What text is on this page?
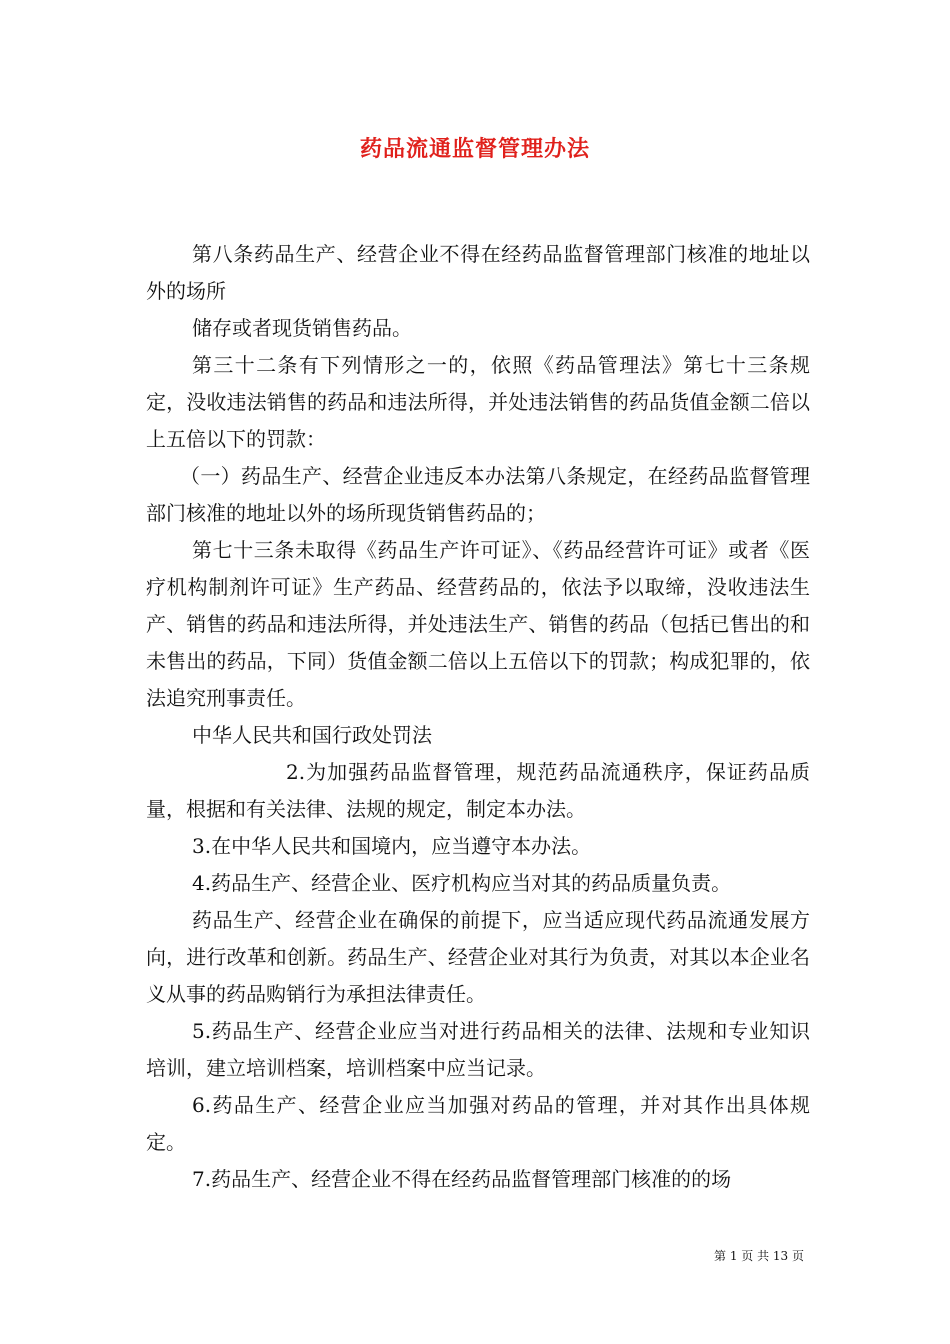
药品流通监督管理办法

第八条药品生产、经营企业不得在经药品监督管理部门核准的地址以外的场所

储存或者现货销售药品。

第三十二条有下列情形之一的，依照《药品管理法》第七十三条规定，没收违法销售的药品和违法所得，并处违法销售的药品货值金额二倍以上五倍以下的罚款：

（一）药品生产、经营企业违反本办法第八条规定，在经药品监督管理部门核准的地址以外的场所现货销售药品的；

第七十三条未取得《药品生产许可证》、《药品经营许可证》或者《医疗机构制剂许可证》生产药品、经营药品的，依法予以取缔，没收违法生产、销售的药品和违法所得，并处违法生产、销售的药品（包括已售出的和未售出的药品，下同）货值金额二倍以上五倍以下的罚款；构成犯罪的，依法追究刑事责任。

中华人民共和国行政处罚法

2.为加强药品监督管理，规范药品流通秩序，保证药品质量，根据和有关法律、法规的规定，制定本办法。

3.在中华人民共和国境内，应当遵守本办法。

4.药品生产、经营企业、医疗机构应当对其的药品质量负责。

药品生产、经营企业在确保的前提下，应当适应现代药品流通发展方向，进行改革和创新。药品生产、经营企业对其行为负责，对其以本企业名义从事的药品购销行为承担法律责任。

5.药品生产、经营企业应当对进行药品相关的法律、法规和专业知识培训，建立培训档案，培训档案中应当记录。

6.药品生产、经营企业应当加强对药品的管理，并对其作出具体规定。

7.药品生产、经营企业不得在经药品监督管理部门核准的的场

第 1 页 共 13 页
